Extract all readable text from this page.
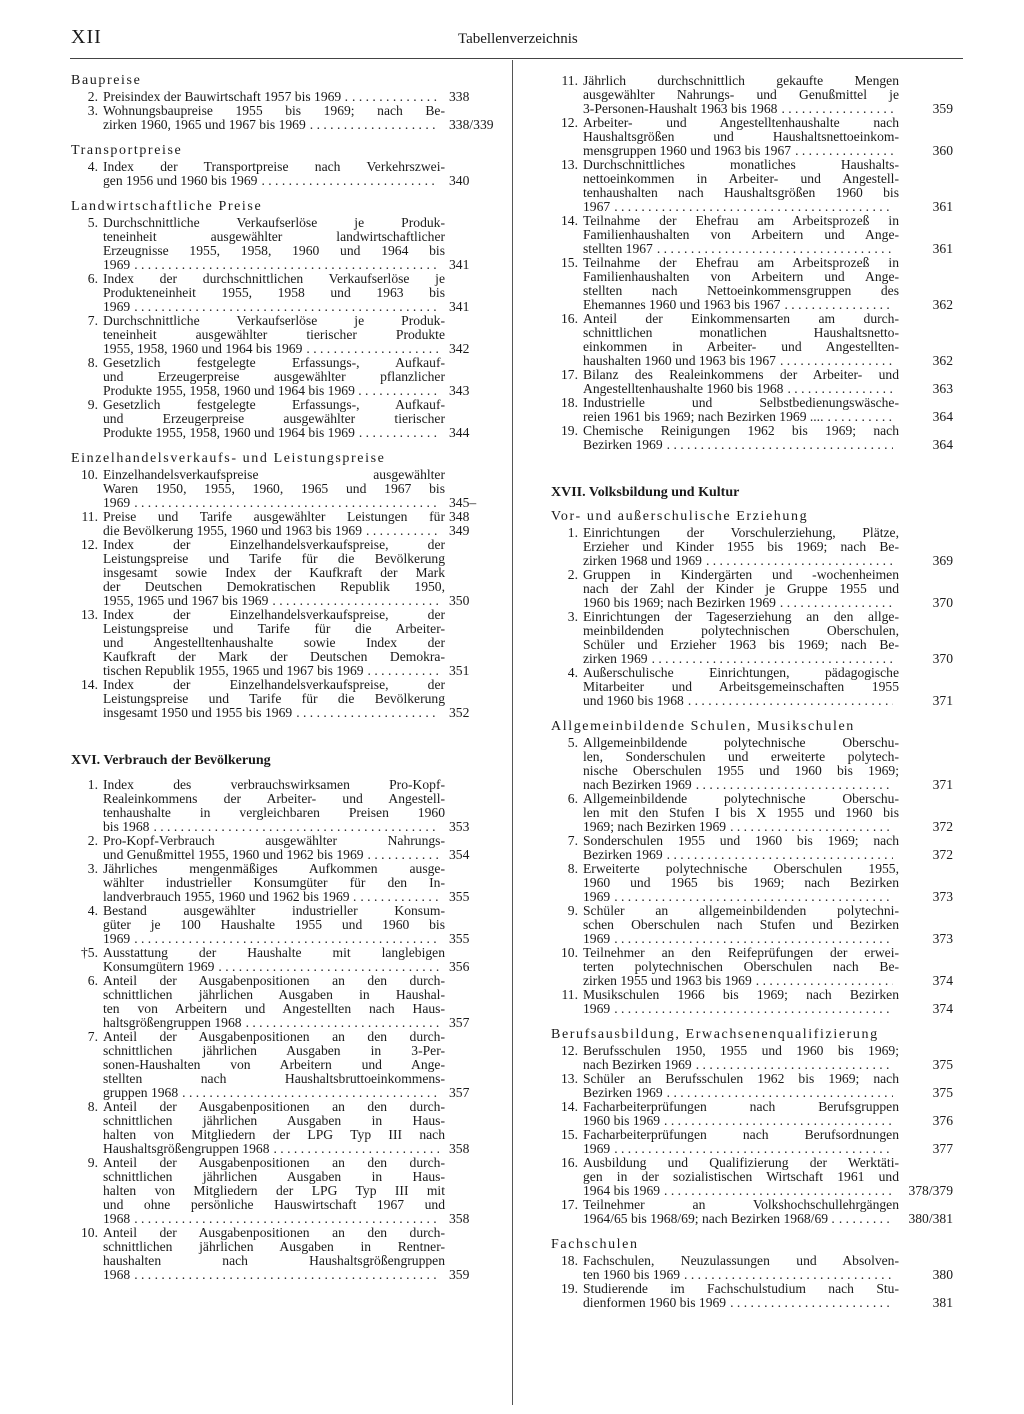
XII	Tabellenverzeichnis
Baupreise
2. Preisindex der Bauwirtschaft 1957 bis 1969 . . . .	338
3. Wohnungsbaupreise 1955 bis 1969; nach Be-
zirken 1960, 1965 und 1967 bis 1969 . . .	338/339
Transportpreise
4. Index der Transportpreise nach Verkehrszwei-
gen 1956 und 1960 bis 1969 . . .	340
Landwirtschaftliche Preise
5. Durchschnittliche Verkaufserlöse je Produk-
teneinheit ausgewählter landwirtschaftlicher
Erzeugnisse 1955, 1958, 1960 und 1964 bis
1969 . . .	341
6. Index der durchschnittlichen Verkaufserlöse je
Produkteneinheit 1955, 1958 und 1963 bis
1969 . . .	341
7. Durchschnittliche Verkaufserlöse je Produk-
teneinheit ausgewählter tierischer Produkte
1955, 1958, 1960 und 1964 bis 1969 . . .	342
8. Gesetzlich festgelegte Erfassungs-, Aufkauf-
und Erzeugerpreise ausgewählter pflanzlicher
Produkte 1955, 1958, 1960 und 1964 bis 1969 . . . . .	343
9. Gesetzlich festgelegte Erfassungs-, Aufkauf-
und Erzeugerpreise ausgewählter tierischer
Produkte 1955, 1958, 1960 und 1964 bis 1969 . . .	344
Einzelhandelsverkaufs- und Leistungspreise
10. Einzelhandelsverkaufspreise ausgewählter
Waren 1950, 1955, 1960, 1965 und 1967 bis
1969 . . .	345–348
11. Preise und Tarife ausgewählter Leistungen für
die Bevölkerung 1955, 1960 und 1963 bis 1969 . . .	349
12. Index der Einzelhandelsverkaufspreise, der
Leistungspreise und Tarife für die Bevölkerung
insgesamt sowie Index der Kaufkraft der Mark
der Deutschen Demokratischen Republik 1950,
1955, 1965 und 1967 bis 1969 . . .	350
13. Index der Einzelhandelsverkaufspreise, der
Leistungspreise und Tarife für die Arbeiter-
und Angestelltenhaushalte sowie Index der
Kaufkraft der Mark der Deutschen Demokra-
tischen Republik 1955, 1965 und 1967 bis 1969 . . .	351
14. Index der Einzelhandelsverkaufspreise, der
Leistungspreise und Tarife für die Bevölkerung
insgesamt 1950 und 1955 bis 1969 . . .	352
XVI. Verbrauch der Bevölkerung
1. Index des verbrauchswirksamen Pro-Kopf-
Realeinkommens der Arbeiter- und Angestell-
tenhaushalte in vergleichbaren Preisen 1960
bis 1968 . . .	353
2. Pro-Kopf-Verbrauch ausgewählter Nahrungs-
und Genußmittel 1955, 1960 und 1962 bis 1969 . . .	354
3. Jährliches mengenmäßiges Aufkommen ausge-
wählter industrieller Konsumgüter für den In-
landverbrauch 1955, 1960 und 1962 bis 1969 . . . .	355
4. Bestand ausgewählter industrieller Konsum-
güter je 100 Haushalte 1955 und 1960 bis
1969 . . .	355
†5. Ausstattung der Haushalte mit langlebigen
Konsumgütern 1969 . . .	356
6. Anteil der Ausgabenpositionen an den durch-
schnittlichen jährlichen Ausgaben in Haushal-
ten von Arbeitern und Angestellten nach Haus-
haltsgrößengruppen 1968 . . .	357
7. Anteil der Ausgabenpositionen an den durch-
schnittlichen jährlichen Ausgaben in 3-Per-
sonen-Haushalten von Arbeitern und Ange-
stellten nach Haushaltsbruttoeinkommens-
gruppen 1968 . . .	357
8. Anteil der Ausgabenpositionen an den durch-
schnittlichen jährlichen Ausgaben in Haus-
halten von Mitgliedern der LPG Typ III nach
Haushaltsgrößengruppen 1968 . . .	358
9. Anteil der Ausgabenpositionen an den durch-
schnittlichen jährlichen Ausgaben in Haus-
halten von Mitgliedern der LPG Typ III mit
und ohne persönliche Hauswirtschaft 1967 und
1968 . . .	358
10. Anteil der Ausgabenpositionen an den durch-
schnittlichen jährlichen Ausgaben in Rentner-
haushalten nach Haushaltsgrößengruppen
1968 . . .	359
11. Jährlich durchschnittlich gekaufte Mengen
ausgewählter Nahrungs- und Genußmittel je
3-Personen-Haushalt 1963 bis 1968 . . .	359
12. Arbeiter- und Angestelltenhaushalte nach
Haushaltsgrößen und Haushaltsnettoeinkom-
mensgruppen 1960 und 1963 bis 1967 . . .	360
13. Durchschnittliches monatliches Haushalts-
nettoeinkommen in Arbeiter- und Angestell-
tenhaushalten nach Haushaltsgrößen 1960 bis
1967 . . .	361
14. Teilnahme der Ehefrau am Arbeitsprozeß in
Familienhaushalten von Arbeitern und Ange-
stellten 1967 . . .	361
15. Teilnahme der Ehefrau am Arbeitsprozeß in
Familienhaushalten von Arbeitern und Ange-
stellten nach Nettoeinkommensgruppen des
Ehemannes 1960 und 1963 bis 1967 . . .	362
16. Anteil der Einkommensarten am durch-
schnittlichen monatlichen Haushaltsnetto-
einkommen in Arbeiter- und Angestellten-
haushalten 1960 und 1963 bis 1967 . . .	362
17. Bilanz des Realeinkommens der Arbeiter- und
Angestelltenhaushalte 1960 bis 1968 . . .	363
18. Industrielle und Selbstbedienungswäsche-
reien 1961 bis 1969; nach Bezirken 1969 .... . . .	364
19. Chemische Reinigungen 1962 bis 1969; nach
Bezirken 1969 . . .	364
XVII. Volksbildung und Kultur
Vor- und außerschulische Erziehung
1. Einrichtungen der Vorschulerziehung, Plätze,
Erzieher und Kinder 1955 bis 1969; nach Be-
zirken 1968 und 1969 . . .	369
2. Gruppen in Kindergärten und -wochenheimen
nach der Zahl der Kinder je Gruppe 1955 und
1960 bis 1969; nach Bezirken 1969 . . .	370
3. Einrichtungen der Tageserziehung an den allge-
meinbildenden polytechnischen Oberschulen,
Schüler und Erzieher 1963 bis 1969; nach Be-
zirken 1969 . . .	370
4. Außerschulische Einrichtungen, pädagogische
Mitarbeiter und Arbeitsgemeinschaften 1955
und 1960 bis 1968 . . .	371
Allgemeinbildende Schulen, Musikschulen
5. Allgemeinbildende polytechnische Oberschu-
len, Sonderschulen und erweiterte polytech-
nische Oberschulen 1955 und 1960 bis 1969;
nach Bezirken 1969 . . .	371
6. Allgemeinbildende polytechnische Oberschu-
len mit den Stufen I bis X 1955 und 1960 bis
1969; nach Bezirken 1969 . . .	372
7. Sonderschulen 1955 und 1960 bis 1969; nach
Bezirken 1969 . . .	372
8. Erweiterte polytechnische Oberschulen 1955,
1960 und 1965 bis 1969; nach Bezirken
1969 . . .	373
9. Schüler an allgemeinbildenden polytechni-
schen Oberschulen nach Stufen und Bezirken
1969 . . .	373
10. Teilnehmer an den Reifeprüfungen der erwei-
terten polytechnischen Oberschulen nach Be-
zirken 1955 und 1963 bis 1969 . . .	374
11. Musikschulen 1966 bis 1969; nach Bezirken
1969 . . .	374
Berufsausbildung, Erwachsenenqualifizierung
12. Berufsschulen 1950, 1955 und 1960 bis 1969;
nach Bezirken 1969 . . .	375
13. Schüler an Berufsschulen 1962 bis 1969; nach
Bezirken 1969 . . .	375
14. Facharbeiterprüfungen nach Berufsgruppen
1960 bis 1969 . . .	376
15. Facharbeiterprüfungen nach Berufsordnungen
1969 . . .	377
16. Ausbildung und Qualifizierung der Werktäti-
gen in der sozialistischen Wirtschaft 1961 und
1964 bis 1969 . . .	378/379
17. Teilnehmer an Volkshochschullehrgängen
1964/65 bis 1968/69; nach Bezirken 1968/69 . . . .	380/381
Fachschulen
18. Fachschulen, Neuzulassungen und Absolven-
ten 1960 bis 1969 . . .	380
19. Studierende im Fachschulstudium nach Stu-
dienformen 1960 bis 1969 . . .	381
